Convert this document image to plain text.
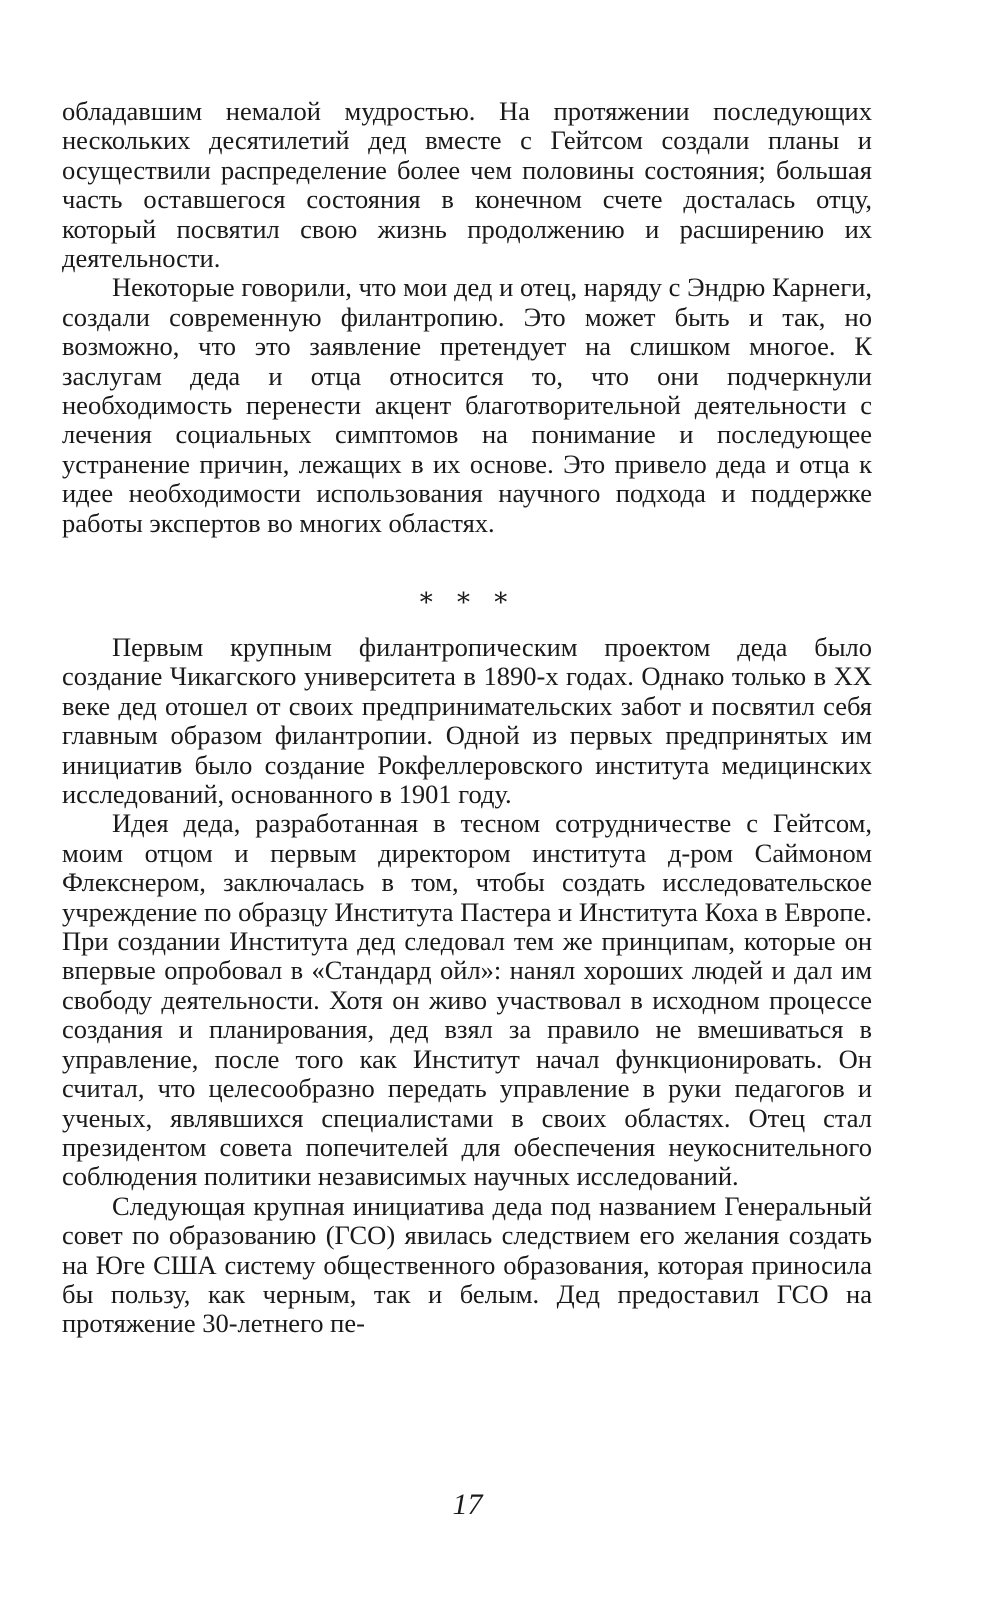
обладавшим немалой мудростью. На протяжении последующих нескольких десятилетий дед вместе с Гейтсом создали планы и осуществили распределение более чем половины состояния; большая часть оставшегося состояния в конечном счете досталась отцу, который посвятил свою жизнь продолжению и расширению их деятельности.

Некоторые говорили, что мои дед и отец, наряду с Эндрю Карнеги, создали современную филантропию. Это может быть и так, но возможно, что это заявление претендует на слишком многое. К заслугам деда и отца относится то, что они подчеркнули необходимость перенести акцент благотворительной деятельности с лечения социальных симптомов на понимание и последующее устранение причин, лежащих в их основе. Это привело деда и отца к идее необходимости использования научного подхода и поддержке работы экспертов во многих областях.

* * *

Первым крупным филантропическим проектом деда было создание Чикагского университета в 1890-х годах. Однако только в XX веке дед отошел от своих предпринимательских забот и посвятил себя главным образом филантропии. Одной из первых предпринятых им инициатив было создание Рокфеллеровского института медицинских исследований, основанного в 1901 году.

Идея деда, разработанная в тесном сотрудничестве с Гейтсом, моим отцом и первым директором института д-ром Саймоном Флекснером, заключалась в том, чтобы создать исследовательское учреждение по образцу Института Пастера и Института Коха в Европе. При создании Института дед следовал тем же принципам, которые он впервые опробовал в «Стандард ойл»: нанял хороших людей и дал им свободу деятельности. Хотя он живо участвовал в исходном процессе создания и планирования, дед взял за правило не вмешиваться в управление, после того как Институт начал функционировать. Он считал, что целесообразно передать управление в руки педагогов и ученых, являвшихся специалистами в своих областях. Отец стал президентом совета попечителей для обеспечения неукоснительного соблюдения политики независимых научных исследований.

Следующая крупная инициатива деда под названием Генеральный совет по образованию (ГСО) явилась следствием его желания создать на Юге США систему общественного образования, которая приносила бы пользу, как черным, так и белым. Дед предоставил ГСО на протяжение 30-летнего пе-

17
